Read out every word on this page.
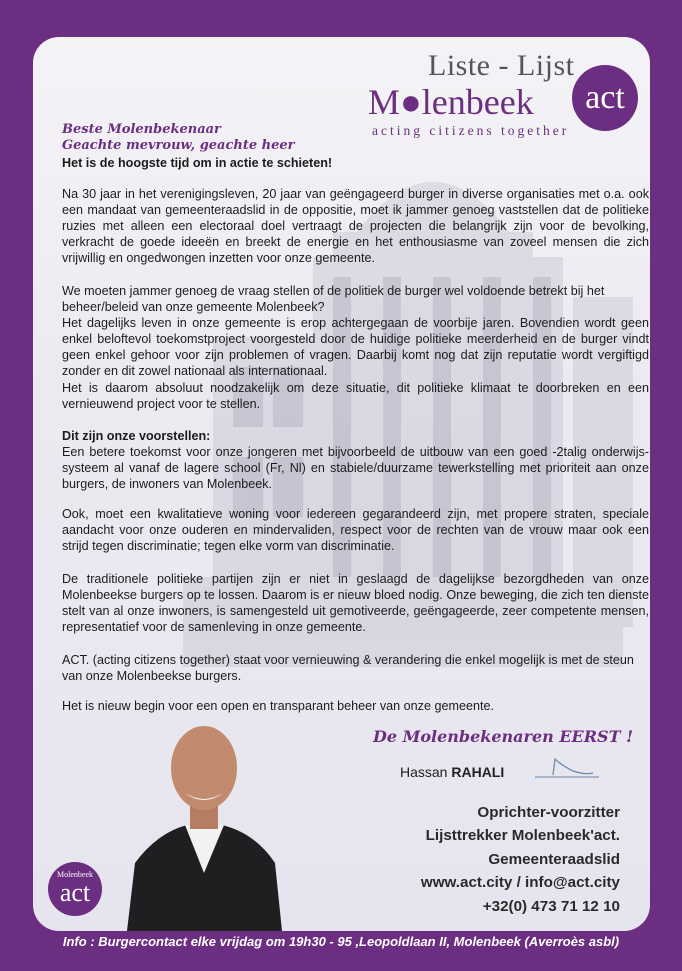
Liste - Lijst
M●lenbeek	act
acting citizens together
Beste Molenbekenaar
Geachte mevrouw, geachte heer

Het is de hoogste tijd om in actie te schieten!

Na 30 jaar in het verenigingsleven, 20 jaar van geëngageerd burger in diverse organisaties met o.a. ook een mandaat van gemeenteraadslid in de oppositie, moet ik jammer genoeg vaststellen dat de politieke ruzies met alleen een electoraal doel vertraagt de projecten die belangrijk zijn voor de bevolking, verkracht de goede ideeën en breekt de energie en het enthousiasme van zoveel mensen die zich vrijwillig en ongedwongen inzetten voor onze gemeente.

We moeten jammer genoeg de vraag stellen of de politiek de burger wel voldoende betrekt bij het beheer/beleid van onze gemeente Molenbeek?

Het dagelijks leven in onze gemeente is erop achtergegaan de voorbije jaren. Bovendien wordt geen enkel beloftevol toekomstproject voorgesteld door de huidige politieke meerderheid en de burger vindt geen enkel gehoor voor zijn problemen of vragen. Daarbij komt nog dat zijn reputatie wordt vergiftigd zonder en dit zowel nationaal als internationaal.

Het is daarom absoluut noodzakelijk om deze situatie, dit politieke klimaat te doorbreken en een vernieuwend project voor te stellen.

Dit zijn onze voorstellen:

Een betere toekomst voor onze jongeren met bijvoorbeeld de uitbouw van een goed -2talig onderwijs-systeem al vanaf de lagere school (Fr, Nl) en stabiele/duurzame tewerkstelling met prioriteit aan onze burgers, de inwoners van Molenbeek.

Ook, moet een kwalitatieve woning voor iedereen gegarandeerd zijn, met propere straten, speciale aandacht voor onze ouderen en mindervaliden, respect voor de rechten van de vrouw maar ook een strijd tegen discriminatie; tegen elke vorm van discriminatie.

De traditionele politieke partijen zijn er niet in geslaagd de dagelijkse bezorgdheden van onze Molenbeekse burgers op te lossen. Daarom is er nieuw bloed nodig. Onze beweging, die zich ten dienste stelt van al onze inwoners, is samengesteld uit gemotiveerde, geëngageerde, zeer competente mensen, representatief voor de samenleving in onze gemeente.

ACT. (acting citizens together) staat voor vernieuwing & verandering die enkel mogelijk is met de steun van onze Molenbeekse burgers.

Het is nieuw begin voor een open en transparant beheer van onze gemeente.

De Molenbekenaren EERST !
Hassan RAHALI
Oprichter-voorzitter
Lijsttrekker Molenbeek'act.
Gemeenteraadslid
www.act.city / info@act.city
+32(0) 473 71 12 10
Molenbeek
act
Info : Burgercontact elke vrijdag om 19h30 - 95 ,Leopoldlaan II, Molenbeek (Averroès asbl)
